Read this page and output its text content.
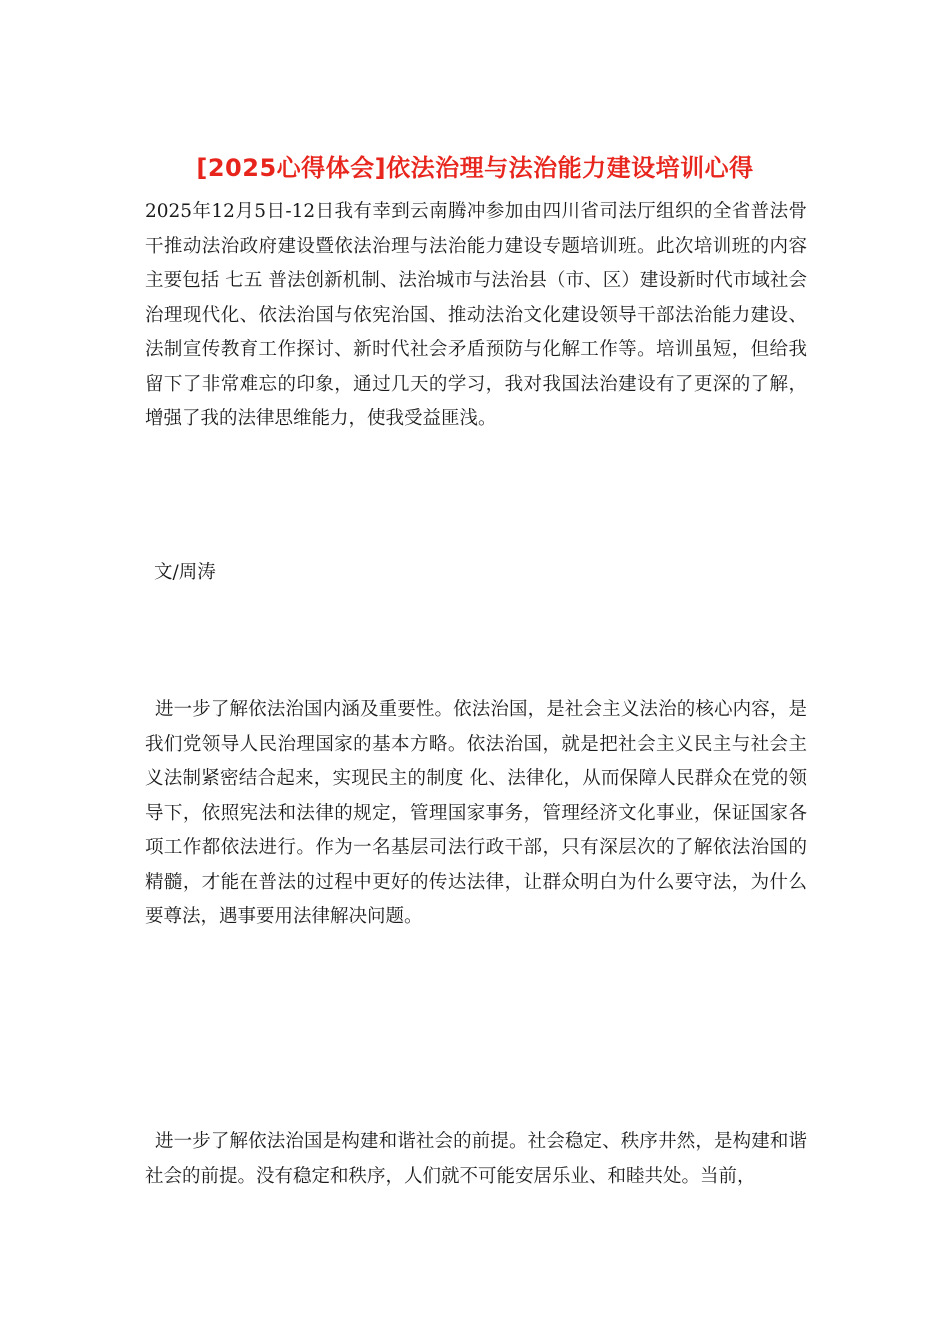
[2025心得体会]依法治理与法治能力建设培训心得

2025年12月5日-12日我有幸到云南腾冲参加由四川省司法厅组织的全省普法骨干推动法治政府建设暨依法治理与法治能力建设专题培训班。此次培训班的内容主要包括 七五 普法创新机制、法治城市与法治县（市、区）建设新时代市域社会治理现代化、依法治国与依宪治国、推动法治文化建设领导干部法治能力建设、法制宣传教育工作探讨、新时代社会矛盾预防与化解工作等。培训虽短，但给我留下了非常难忘的印象，通过几天的学习，我对我国法治建设有了更深的了解，增强了我的法律思维能力，使我受益匪浅。

文/周涛

进一步了解依法治国内涵及重要性。依法治国，是社会主义法治的核心内容，是我们党领导人民治理国家的基本方略。依法治国，就是把社会主义民主与社会主义法制紧密结合起来，实现民主的制度 化、法律化，从而保障人民群众在党的领导下，依照宪法和法律的规定，管理国家事务，管理经济文化事业，保证国家各项工作都依法进行。作为一名基层司法行政干部，只有深层次的了解依法治国的精髓，才能在普法的过程中更好的传达法律，让群众明白为什么要守法，为什么要尊法，遇事要用法律解决问题。

进一步了解依法治国是构建和谐社会的前提。社会稳定、秩序井然，是构建和谐社会的前提。没有稳定和秩序，人们就不可能安居乐业、和睦共处。当前，
